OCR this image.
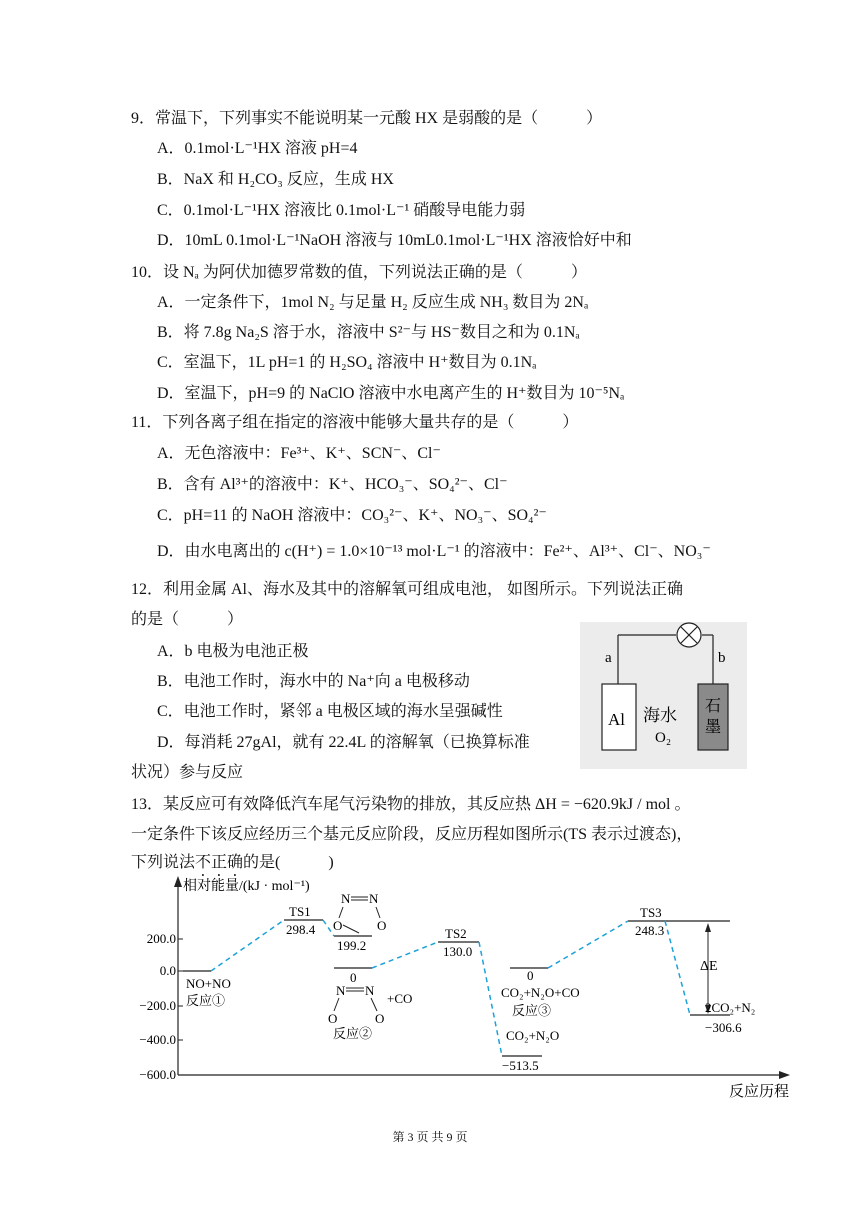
9．常温下，下列事实不能说明某一元酸 HX 是弱酸的是（	）
A．0.1mol·L⁻¹HX 溶液 pH=4
B．NaX 和 H₂CO₃ 反应，生成 HX
C．0.1mol·L⁻¹HX 溶液比 0.1mol·L⁻¹ 硝酸导电能力弱
D．10mL 0.1mol·L⁻¹NaOH 溶液与 10mL0.1mol·L⁻¹HX 溶液恰好中和
10．设 Nₐ 为阿伏加德罗常数的值，下列说法正确的是（	）
A．一定条件下，1mol N₂ 与足量 H₂ 反应生成 NH₃ 数目为 2Nₐ
B．将 7.8g Na₂S 溶于水，溶液中 S²⁻与 HS⁻数目之和为 0.1Nₐ
C．室温下，1L pH=1 的 H₂SO₄ 溶液中 H⁺数目为 0.1Nₐ
D．室温下，pH=9 的 NaClO 溶液中水电离产生的 H⁺数目为 10⁻⁵Nₐ
11．下列各离子组在指定的溶液中能够大量共存的是（	）
A．无色溶液中：Fe³⁺、K⁺、SCN⁻、Cl⁻
B．含有 Al³⁺的溶液中：K⁺、HCO₃⁻、SO₄²⁻、Cl⁻
C．pH=11 的 NaOH 溶液中：CO₃²⁻、K⁺、NO₃⁻、SO₄²⁻
D．由水电离出的 c(H⁺) = 1.0×10⁻¹³ mol·L⁻¹ 的溶液中：Fe²⁺、Al³⁺、Cl⁻、NO₃⁻
12．利用金属 Al、海水及其中的溶解氧可组成电池， 如图所示。下列说法正确
的是（	）
A．b 电极为电池正极
B．电池工作时，海水中的 Na⁺向 a 电极移动
C．电池工作时，紧邻 a 电极区域的海水呈强碱性
D．每消耗 27gAl，就有 22.4L 的溶解氧（已换算标准
状况）参与反应
a	b
Al 海水
O₂
石
墨
13．某反应可有效降低汽车尾气污染物的排放，其反应热 ΔH = −620.9kJ / mol 。
一定条件下该反应经历三个基元反应阶段，反应历程如图所示(TS 表示过渡态)，
下列说法不正确的是(	)
相对能量/(kJ · mol⁻¹)
反应历程
200.0
0.0
−200.0
−400.0
−600.0
ΔE
NO+NO
反应①
TS1
298.4
199.2
TS2
130.0
0
+CO
反应②	CO₂+N₂O
−513.5
0
CO₂+N₂O+CO
反应③
TS3
248.3
2CO₂+N₂
−306.6
N N
O	O
N N
O	O
第 3 页 共 9 页
